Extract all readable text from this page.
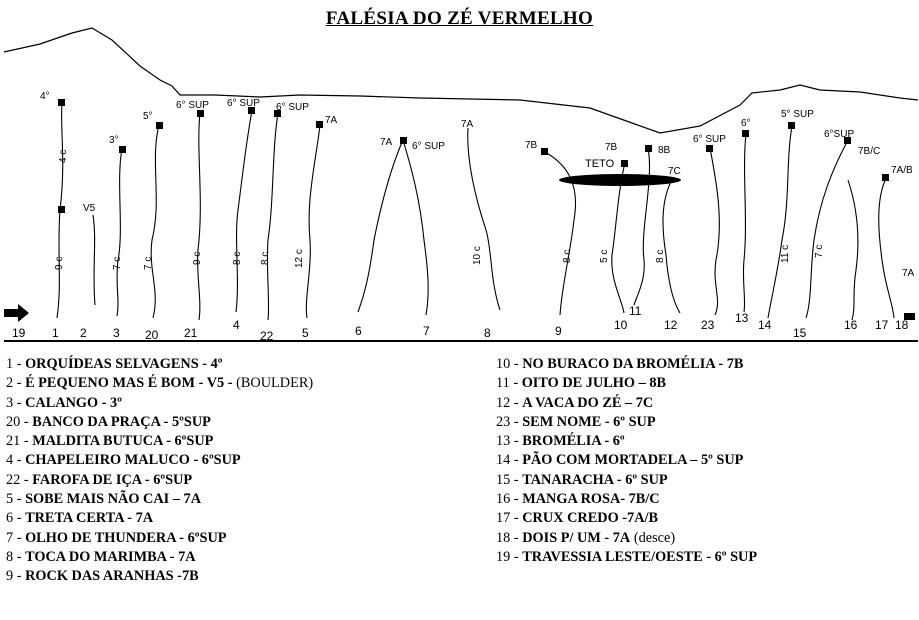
FALÉSIA DO ZÉ VERMELHO
4°
V5
3°
5°
6° SUP 6° SUP 6° SUP
7A
7A 6° SUP
7A
7B	7B	8B
7C
6° SUP
6°
5° SUP
6°SUP
7B/C
7A/B
7A
TETO
4 c
9 c	7 c 7 c	9 c	8 c 8 c 12 c	10 c	8 c	5 c	8 c	11 c 7 c
19 1 2 3 20 21
4
22 5	6	7	8	9	10
11
12 23 13 14
15
16 17 18
1 - ORQUÍDEAS SELVAGENS - 4º
2 - É PEQUENO MAS É BOM - V5 - (BOULDER)
3 - CALANGO - 3º
20 - BANCO DA PRAÇA - 5ºSUP
21 - MALDITA BUTUCA - 6ºSUP
4 - CHAPELEIRO MALUCO - 6ºSUP
22 - FAROFA DE IÇA - 6ºSUP
5 - SOBE MAIS NÃO CAI – 7A
6 - TRETA CERTA - 7A
7 - OLHO DE THUNDERA - 6ºSUP
8 - TOCA DO MARIMBA - 7A
9 - ROCK DAS ARANHAS -7B
10 - NO BURACO DA BROMÉLIA - 7B
11 - OITO DE JULHO – 8B
12 - A VACA DO ZÉ – 7C
23 - SEM NOME - 6º SUP
13 - BROMÉLIA - 6º
14 - PÃO COM MORTADELA – 5º SUP
15 - TANARACHA - 6º SUP
16 - MANGA ROSA- 7B/C
17 - CRUX CREDO -7A/B
18 - DOIS P/ UM - 7A (desce)
19 - TRAVESSIA LESTE/OESTE - 6º SUP
